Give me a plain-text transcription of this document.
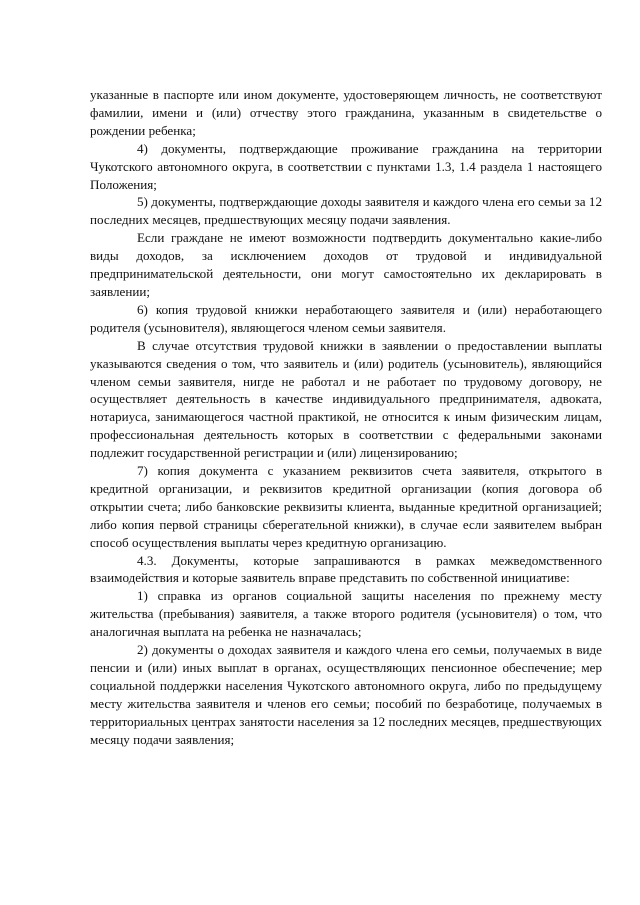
указанные в паспорте или ином документе, удостоверяющем личность, не соответствуют фамилии, имени и (или) отчеству этого гражданина, указанным в свидетельстве о рождении ребенка;

4) документы, подтверждающие проживание гражданина на территории Чукотского автономного округа, в соответствии с пунктами 1.3, 1.4 раздела 1 настоящего Положения;

5) документы, подтверждающие доходы заявителя и каждого члена его семьи за 12 последних месяцев, предшествующих месяцу подачи заявления.

Если граждане не имеют возможности подтвердить документально какие-либо виды доходов, за исключением доходов от трудовой и индивидуальной предпринимательской деятельности, они могут самостоятельно их декларировать в заявлении;

6) копия трудовой книжки неработающего заявителя и (или) неработающего родителя (усыновителя), являющегося членом семьи заявителя.

В случае отсутствия трудовой книжки в заявлении о предоставлении выплаты указываются сведения о том, что заявитель и (или) родитель (усыновитель), являющийся членом семьи заявителя, нигде не работал и не работает по трудовому договору, не осуществляет деятельность в качестве индивидуального предпринимателя, адвоката, нотариуса, занимающегося частной практикой, не относится к иным физическим лицам, профессиональная деятельность которых в соответствии с федеральными законами подлежит государственной регистрации и (или) лицензированию;

7) копия документа с указанием реквизитов счета заявителя, открытого в кредитной организации, и реквизитов кредитной организации (копия договора об открытии счета; либо банковские реквизиты клиента, выданные кредитной организацией; либо копия первой страницы сберегательной книжки), в случае если заявителем выбран способ осуществления выплаты через кредитную организацию.

4.3. Документы, которые запрашиваются в рамках межведомственного взаимодействия и которые заявитель вправе представить по собственной инициативе:

1) справка из органов социальной защиты населения по прежнему месту жительства (пребывания) заявителя, а также второго родителя (усыновителя) о том, что аналогичная выплата на ребенка не назначалась;

2) документы о доходах заявителя и каждого члена его семьи, получаемых в виде пенсии и (или) иных выплат в органах, осуществляющих пенсионное обеспечение; мер социальной поддержки населения Чукотского автономного округа, либо по предыдущему месту жительства заявителя и членов его семьи; пособий по безработице, получаемых в территориальных центрах занятости населения за 12 последних месяцев, предшествующих месяцу подачи заявления;
